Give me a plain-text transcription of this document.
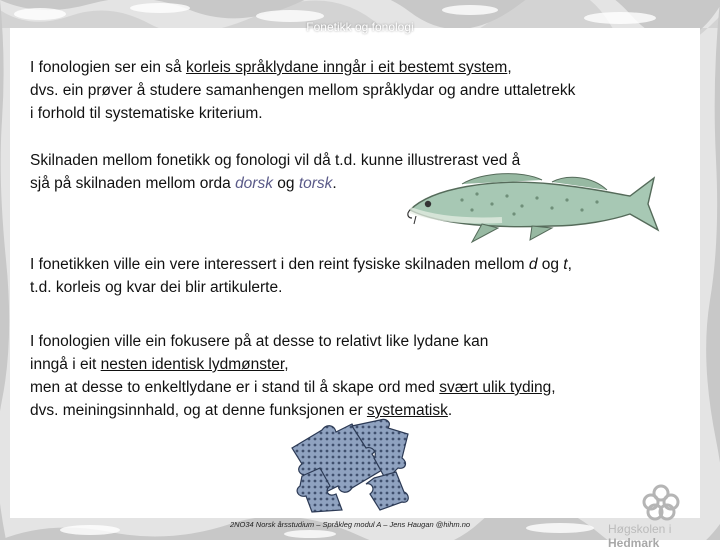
Fonetikk og fonologi

I fonologien ser ein så korleis språklydane inngår i eit bestemt system,
dvs. ein prøver å studere samanhengen mellom språklydar og andre uttaletrekk
i forhold til systematiske kriterium.

Skilnaden mellom fonetikk og fonologi vil då t.d. kunne illustrerast ved å
sjå på skilnaden mellom orda dorsk og torsk.

I fonetikken ville ein vere interessert i den reint fysiske skilnaden mellom d og t,
t.d. korleis og kvar dei blir artikulerte.

I fonologien ville ein fokusere på at desse to relativt like lydane kan
inngå i eit nesten identisk lydmønster,
men at desse to enkeltlydane er i stand til å skape ord med svært ulik tyding,
dvs. meiningsinnhald, og at denne funksjonen er systematisk.

2NO34 Norsk årsstudium – Språkleg modul A – Jens Haugan @hihm.no	Høgskolen i Hedmark
